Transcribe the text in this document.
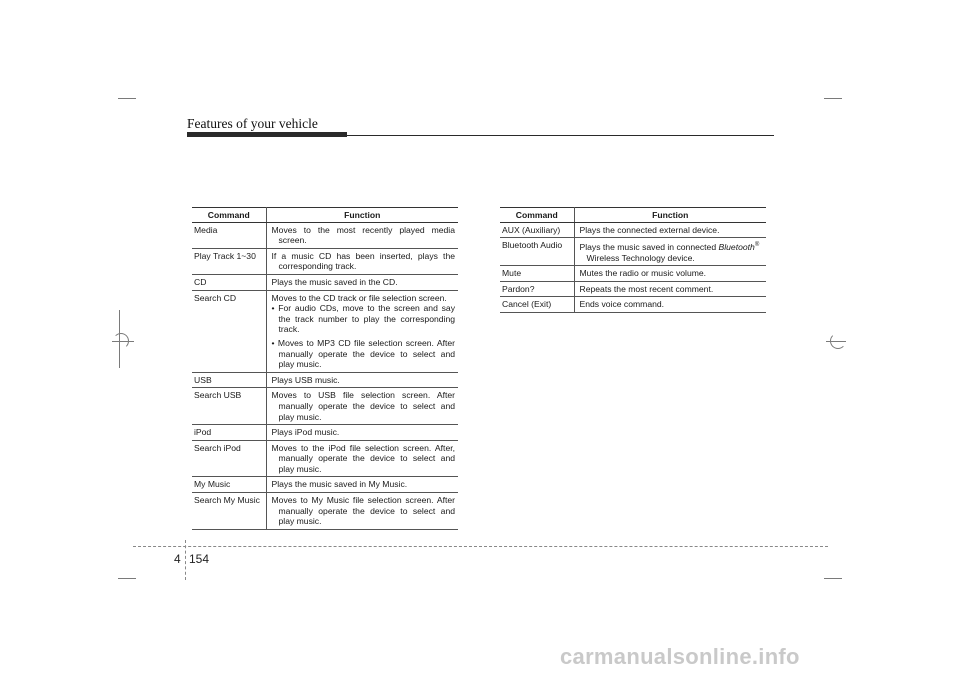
Features of your vehicle
Command	Function
Media	Moves to the most recently played media screen.

Play Track 1~30	If a music CD has been inserted, plays the corresponding track.

CD	Plays the music saved in the CD.

Search CD	Moves to the CD track or file selection screen.
• For audio CDs, move to the screen and say the track number to play the corresponding track.
• Moves to MP3 CD file selection screen. After manually operate the device to select and play music.

USB	Plays USB music.

Search USB	Moves to USB file selection screen. After manually operate the device to select and play music.

iPod	Plays iPod music.

Search iPod	Moves to the iPod file selection screen. After, manually operate the device to select and play music.

My Music	Plays the music saved in My Music.

Search My Music	Moves to My Music file selection screen. After manually operate the device to select and play music.
Command	Function
AUX (Auxiliary)	Plays the connected external device.
Bluetooth Audio	Plays the music saved in connected Bluetooth®
Wireless Technology device.

Mute	Mutes the radio or music volume.
Pardon?	Repeats the most recent comment.
Cancel (Exit)	Ends voice command.
4 154
carmanualsonline.info
